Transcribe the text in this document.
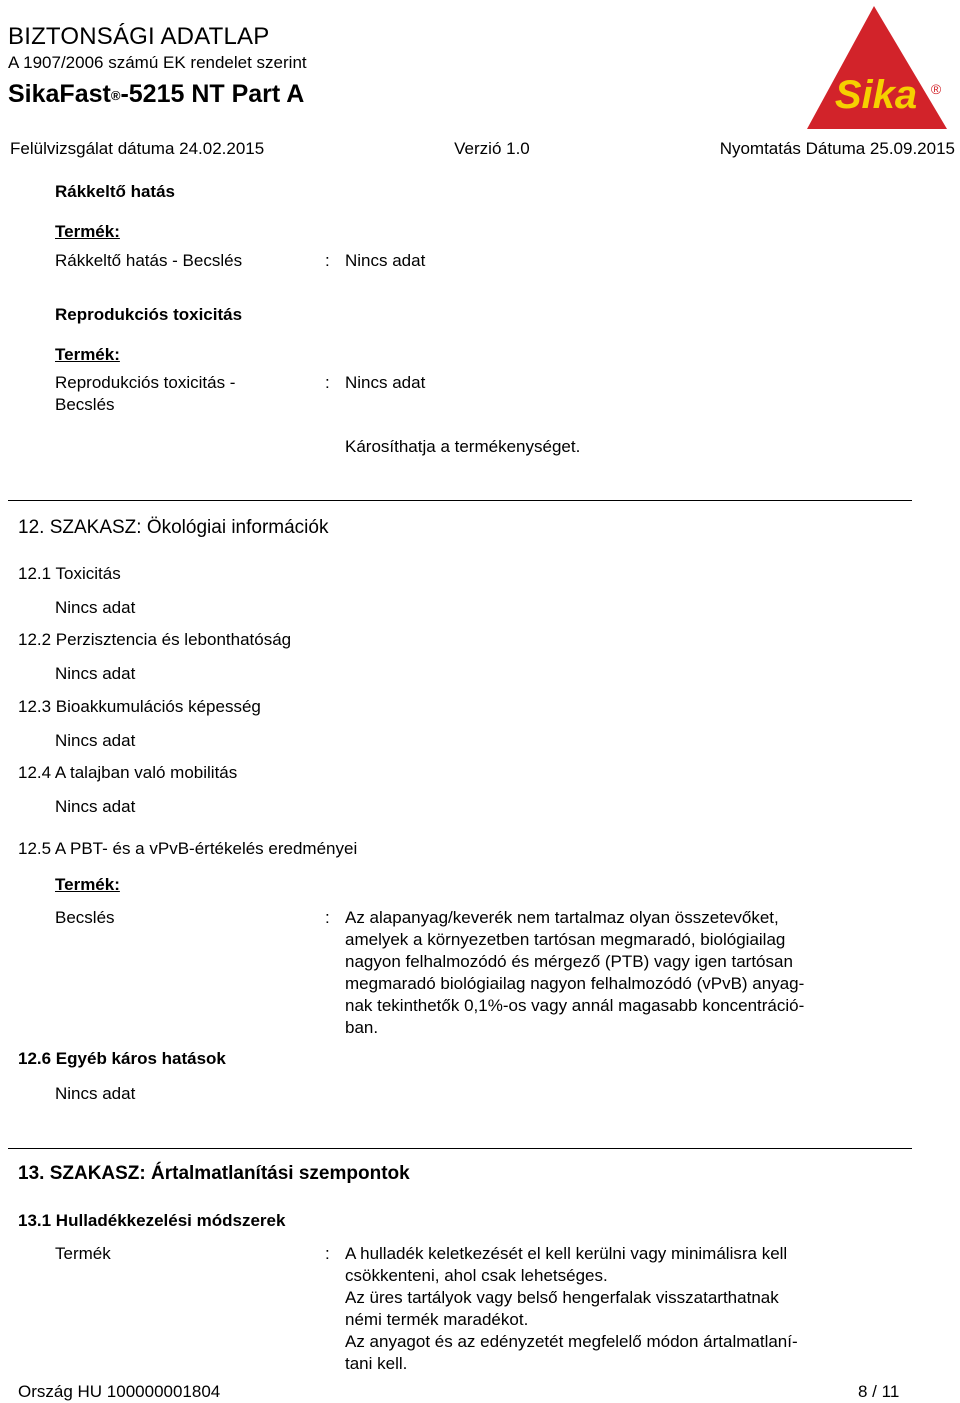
BIZTONSÁGI ADATLAP
A 1907/2006 számú EK rendelet szerint
SikaFast®-5215 NT Part A	Sika ®
Felülvizsgálat dátuma 24.02.2015	Verzió 1.0	Nyomtatás Dátuma 25.09.2015
Rákkeltő hatás
Termék:
Rákkeltő hatás - Becslés	: Nincs adat
Reprodukciós toxicitás
Termék:
Reprodukciós toxicitás -
Becslés
: Nincs adat
Károsíthatja a termékenységet.
12. SZAKASZ: Ökológiai információk
12.1 Toxicitás
Nincs adat
12.2 Perzisztencia és lebonthatóság
Nincs adat
12.3 Bioakkumulációs képesség
Nincs adat
12.4 A talajban való mobilitás
Nincs adat
12.5 A PBT- és a vPvB-értékelés eredményei
Termék:
Becslés	: Az alapanyag/keverék nem tartalmaz olyan összetevőket,
amelyek a környezetben tartósan megmaradó, biológiailag
nagyon felhalmozódó és mérgező (PTB) vagy igen tartósan
megmaradó biológiailag nagyon felhalmozódó (vPvB) anyag-
nak tekinthetők 0,1%-os vagy annál magasabb koncentráció-
ban.
12.6 Egyéb káros hatások
Nincs adat
13. SZAKASZ: Ártalmatlanítási szempontok
13.1 Hulladékkezelési módszerek
Termék	: A hulladék keletkezését el kell kerülni vagy minimálisra kell
csökkenteni, ahol csak lehetséges.
Az üres tartályok vagy belső hengerfalak visszatarthatnak
némi termék maradékot.
Az anyagot és az edényzetét megfelelő módon ártalmatlaní-
tani kell.
Ország HU 100000001804	8 / 11
